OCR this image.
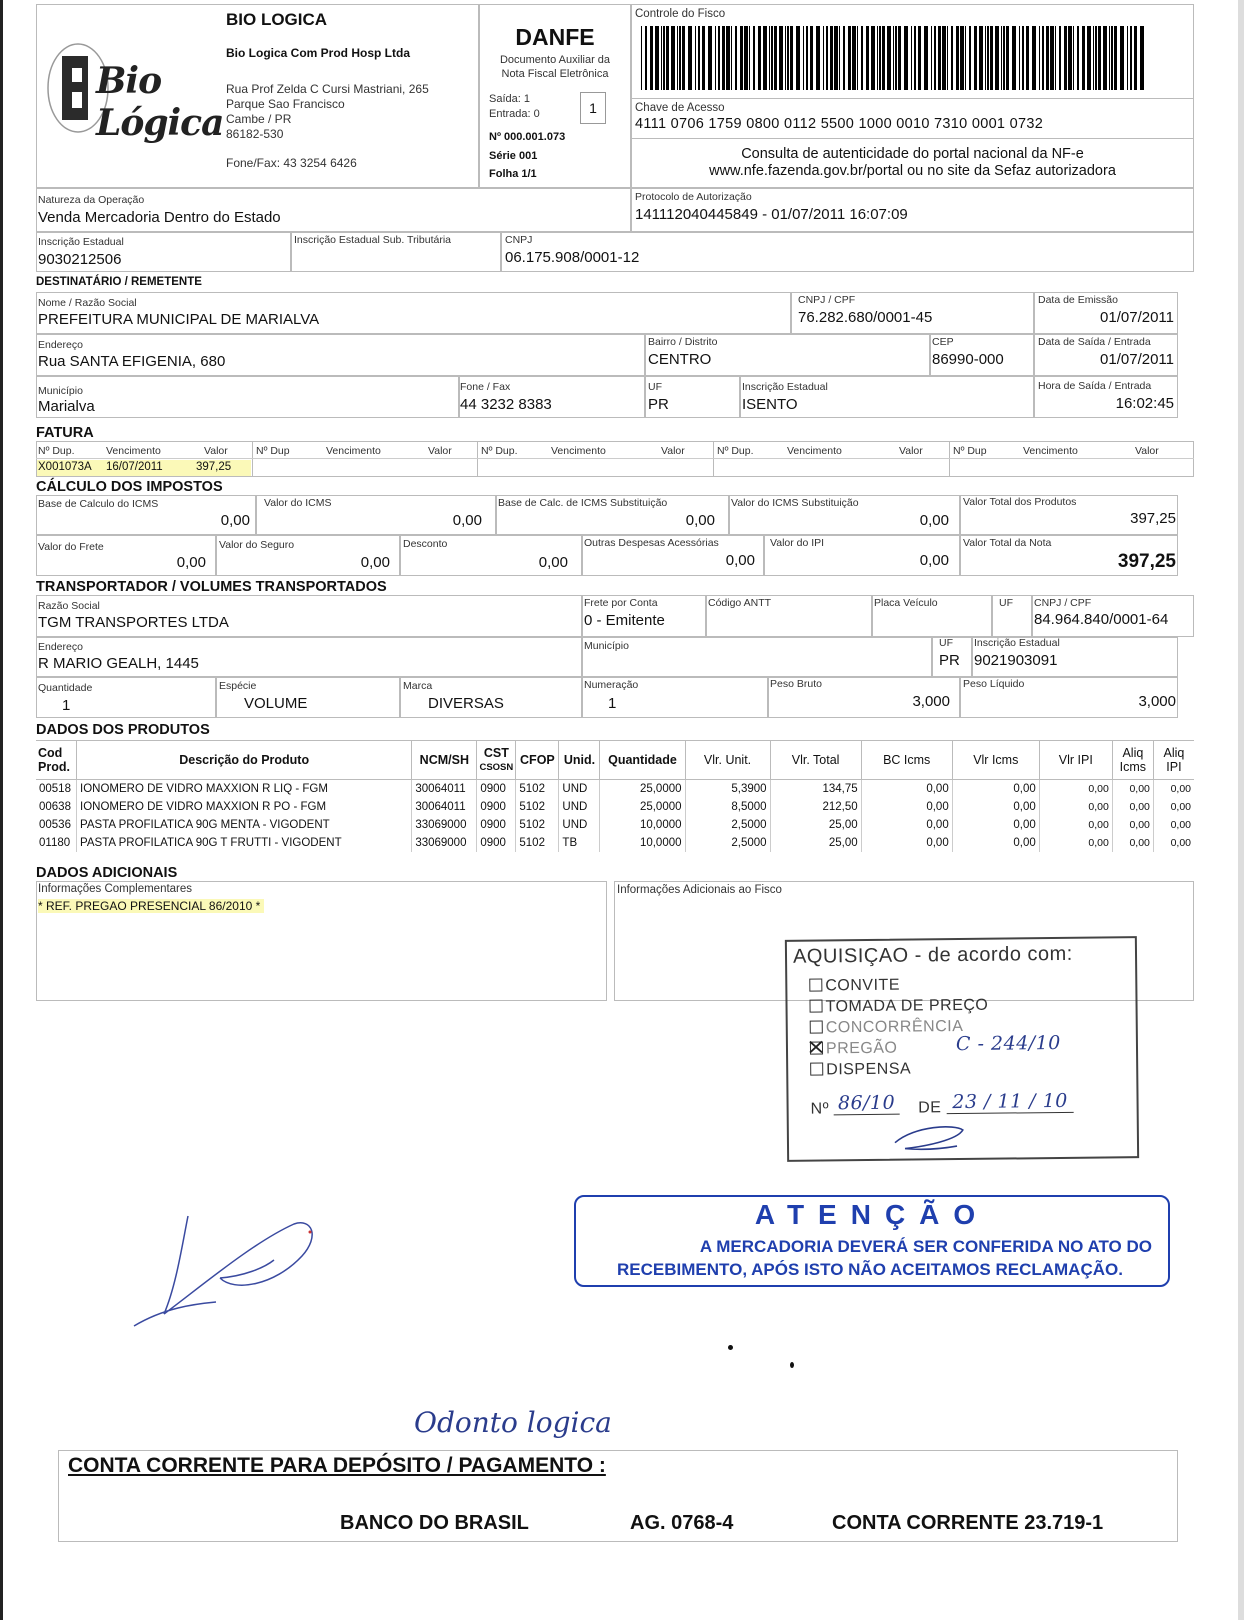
Bio Lógica
BIO LOGICA
Bio Logica Com Prod Hosp Ltda
Rua Prof Zelda C Cursi Mastriani, 265
Parque Sao Francisco
Cambe / PR
86182-530
Fone/Fax: 43 3254 6426
DANFE
Documento Auxiliar da
Nota Fiscal Eletrônica
Saída: 1
Entrada: 0	1
Nº 000.001.073
Série 001
Folha 1/1
Controle do Fisco
Chave de Acesso
4111 0706 1759 0800 0112 5500 1000 0010 7310 0001 0732
Consulta de autenticidade do portal nacional da NF-e
www.nfe.fazenda.gov.br/portal ou no site da Sefaz autorizadora
Natureza da Operação
Venda Mercadoria Dentro do Estado
Protocolo de Autorização
141112040445849 - 01/07/2011 16:07:09
Inscrição Estadual
9030212506
Inscrição Estadual Sub. Tributária	CNPJ
06.175.908/0001-12
DESTINATÁRIO / REMETENTE
Nome / Razão Social
PREFEITURA MUNICIPAL DE MARIALVA
CNPJ / CPF
76.282.680/0001-45
Data de Emissão
01/07/2011
Endereço
Rua SANTA EFIGENIA, 680
Bairro / Distrito
CENTRO
CEP
86990-000
Data de Saída / Entrada
01/07/2011
Município
Marialva
Fone / Fax
44 3232 8383
UF
PR
Inscrição Estadual
ISENTO
Hora de Saída / Entrada
16:02:45
FATURA
Nº Dup.	Vencimento	Valor	Nº Dup	Vencimento	Valor	Nº Dup.	Vencimento	Valor	Nº Dup.	Vencimento	Valor	Nº Dup	Vencimento	Valor
X001073A 16/07/2011	397,25
CÁLCULO DOS IMPOSTOS
Base de Calculo do ICMS
0,00
Valor do ICMS
0,00
Base de Calc. de ICMS Substituição
0,00
Valor do ICMS Substituição
0,00
Valor Total dos Produtos
397,25
Valor do Frete
0,00
Valor do Seguro
0,00
Desconto
0,00
Outras Despesas Acessórias
0,00
Valor do IPI
0,00
Valor Total da Nota
397,25
TRANSPORTADOR / VOLUMES TRANSPORTADOS
Razão Social
TGM TRANSPORTES LTDA
Frete por Conta
0 - Emitente
Código ANTT	Placa Veículo	UF CNPJ / CPF
84.964.840/0001-64
Endereço
R MARIO GEALH, 1445
Município	UF
PR
Inscrição Estadual
9021903091
Quantidade
1
Espécie
VOLUME
Marca
DIVERSAS
Numeração
1
Peso Bruto
3,000
Peso Líquido
3,000
DADOS DOS PRODUTOS
Cod Prod.	Descrição do Produto	NCM/SH	CST
CSOSN	CFOP	Unid.	Quantidade	Vlr. Unit.	Vlr. Total	BC Icms	Vlr Icms	Vlr IPI	Aliq Icms	Aliq IPI
00518	IONOMERO DE VIDRO MAXXION R LIQ - FGM	30064011	0900	5102	UND	25,0000	5,3900	134,75	0,00	0,00	0,00	0,00	0,00
00638	IONOMERO DE VIDRO MAXXION R PO - FGM	30064011	0900	5102	UND	25,0000	8,5000	212,50	0,00	0,00	0,00	0,00	0,00
00536	PASTA PROFILATICA 90G MENTA - VIGODENT	33069000	0900	5102	UND	10,0000	2,5000	25,00	0,00	0,00	0,00	0,00	0,00
01180	PASTA PROFILATICA 90G T FRUTTI - VIGODENT	33069000	0900	5102	TB	10,0000	2,5000	25,00	0,00	0,00	0,00	0,00	0,00
DADOS ADICIONAIS
Informações Complementares
* REF. PREGAO PRESENCIAL 86/2010 *
Informações Adicionais ao Fisco
AQUISIÇAO - de acordo com:
CONVITE
TOMADA DE PREÇO
CONCORRÊNCIA
PREGÃO	C - 244/10
DISPENSA
Nº 86/10 DE 23 / 11 / 10
ATENÇÃO
A MERCADORIA DEVERÁ SER CONFERIDA NO ATO DO
RECEBIMENTO, APÓS ISTO NÃO ACEITAMOS RECLAMAÇÃO.
Odonto logica
CONTA CORRENTE PARA DEPÓSITO / PAGAMENTO :
BANCO DO BRASIL	AG. 0768-4	CONTA CORRENTE 23.719-1
